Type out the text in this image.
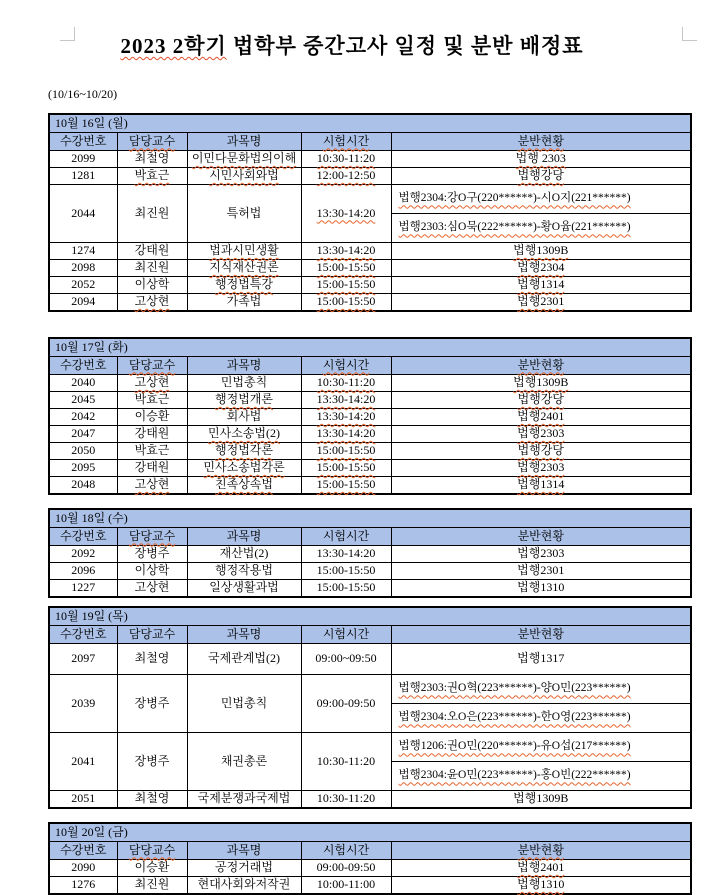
2023 2학기 법학부 중간고사 일정 및 분반 배정표
(10/16~10/20)
10월 16일 (월)				
수강번호	담당교수	과목명	시험시간	분반현황
2099	최철영	이민다문화법의이해	10:30-11:20	법행 2303
1281	박효근	시민사회와법	12:00-12:50	법행강당
2044	최진원	특허법	13:30-14:20	법행2304:강O구(220******)-시O지(221******)
				법행2303:심O묵(222******)-황O윰(221******)
1274	강태원	법과시민생활	13:30-14:20	법행1309B
2098	최진원	지식재산권론	15:00-15:50	법행2304
2052	이상학	행정법특강	15:00-15:50	법행1314
2094	고상현	가족법	15:00-15:50	법행2301
10월 17일 (화)				
수강번호	담당교수	과목명	시험시간	분반현황
2040	고상현	민법총칙	10:30-11:20	법행1309B
2045	박효근	행정법개론	13:30-14:20	법행강당
2042	이승환	회사법	13:30-14:20	법행2401
2047	강태원	민사소송법(2)	13:30-14:20	법행2303
2050	박효근	행정법각론	15:00-15:50	법행강당
2095	강태원	민사소송법각론	15:00-15:50	법행2303
2048	고상현	친족상속법	15:00-15:50	법행1314
10월 18일 (수)				
수강번호	담당교수	과목명	시험시간	분반현황
2092	장병주	재산법(2)	13:30-14:20	법행2303
2096	이상학	행정작용법	15:00-15:50	법행2301
1227	고상현	일상생활과법	15:00-15:50	법행1310
10월 19일 (목)				
수강번호	담당교수	과목명	시험시간	분반현황
2097	최철영	국제관계법(2)	09:00~09:50	법행1317
2039	장병주	민법총칙	09:00-09:50	법행2303:권O혁(223******)-양O민(223******)
				법행2304:오O은(223******)-한O영(223******)
2041	장병주	채권총론	10:30-11:20	법행1206:권O민(220******)-유O섭(217******)
				법행2304:윤O민(223******)-홍O빈(222******)
2051	최철영	국제분쟁과국제법	10:30-11:20	법행1309B
10월 20일 (금)				
수강번호	담당교수	과목명	시험시간	분반현황
2090	이승환	공정거래법	09:00-09:50	법행2401
1276	최진원	현대사회와저작권	10:00-11:00	법행1310
